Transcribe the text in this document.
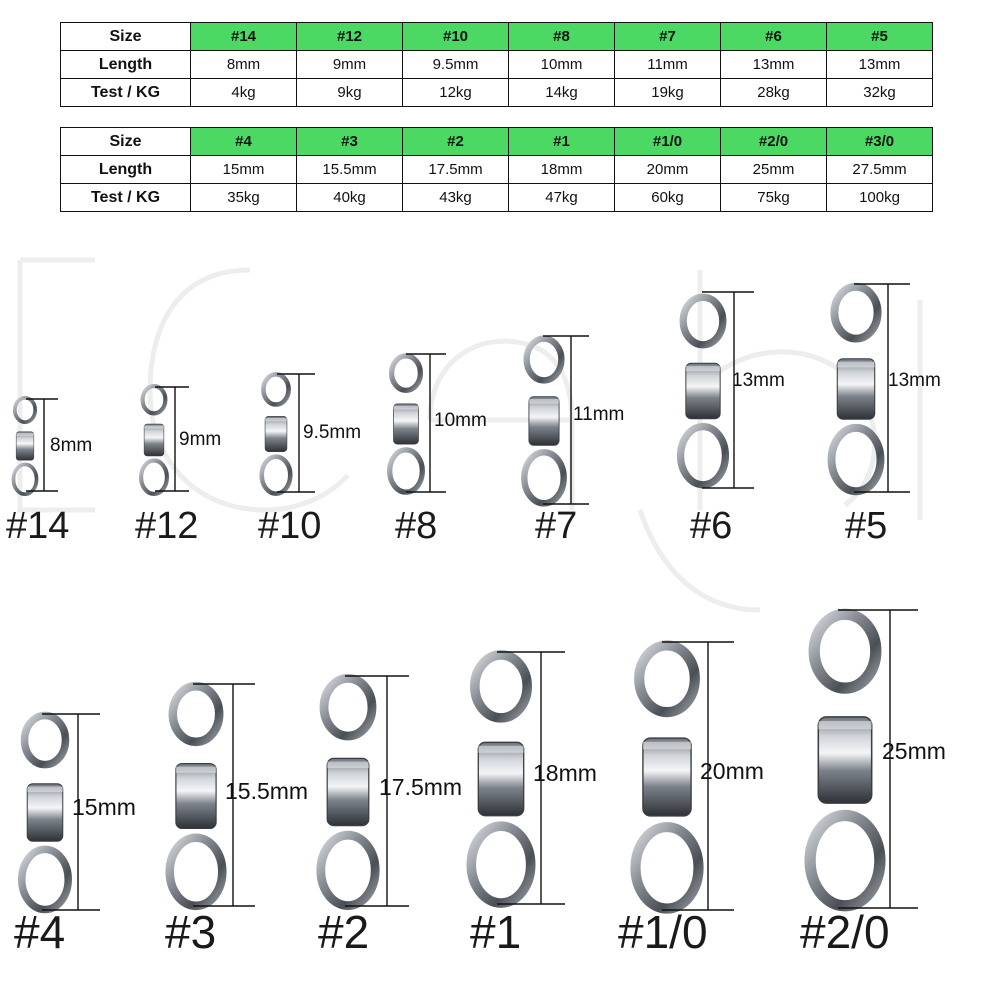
Size	#14	#12	#10	#8	#7	#6	#5
Length	8mm	9mm	9.5mm	10mm	11mm	13mm	13mm
Test / KG	4kg	9kg	12kg	14kg	19kg	28kg	32kg
Size	#4	#3	#2	#1	#1/0	#2/0	#3/0
Length	15mm	15.5mm	17.5mm	18mm	20mm	25mm	27.5mm
Test / KG	35kg	40kg	43kg	47kg	60kg	75kg	100kg
8mm
#14
9mm
#12
9.5mm
#10
10mm
#8
11mm
#7
13mm
#6
13mm
#5
15mm
#4
15.5mm
#3
17.5mm
#2
18mm
#1
20mm
#1/0
25mm
#2/0
